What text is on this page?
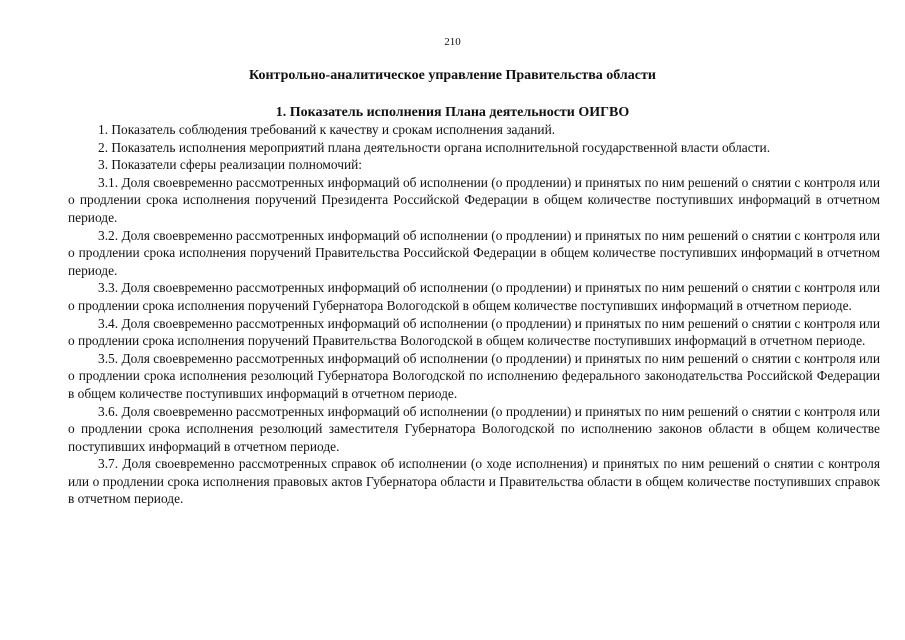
210
Контрольно-аналитическое управление Правительства области
1. Показатель исполнения Плана деятельности ОИГВО

1. Показатель соблюдения требований к качеству и срокам исполнения заданий.

2. Показатель исполнения мероприятий плана деятельности органа исполнительной государственной власти области.

3. Показатели сферы реализации полномочий:

3.1. Доля своевременно рассмотренных информаций об исполнении (о продлении) и принятых по ним решений о снятии с контроля или о продлении срока исполнения поручений Президента Российской Федерации в общем количестве поступивших информаций в отчетном периоде.

3.2. Доля своевременно рассмотренных информаций об исполнении (о продлении) и принятых по ним решений о снятии с контроля или о продлении срока исполнения поручений Правительства Российской Федерации в общем количестве поступивших информаций в отчетном периоде.

3.3. Доля своевременно рассмотренных информаций об исполнении (о продлении) и принятых по ним решений о снятии с контроля или о продлении срока исполнения поручений Губернатора Вологодской в общем количестве поступивших информаций в отчетном периоде.

3.4. Доля своевременно рассмотренных информаций об исполнении (о продлении) и принятых по ним решений о снятии с контроля или о продлении срока исполнения поручений Правительства Вологодской в общем количестве поступивших информаций в отчетном периоде.

3.5. Доля своевременно рассмотренных информаций об исполнении (о продлении) и принятых по ним решений о снятии с контроля или о продлении срока исполнения резолюций Губернатора Вологодской по исполнению федерального законодательства Российской Федерации в общем количестве поступивших информаций в отчетном периоде.

3.6. Доля своевременно рассмотренных информаций об исполнении (о продлении) и принятых по ним решений о снятии с контроля или о продлении срока исполнения резолюций заместителя Губернатора Вологодской по исполнению законов области в общем количестве поступивших информаций в отчетном периоде.

3.7. Доля своевременно рассмотренных справок об исполнении (о ходе исполнения) и принятых по ним решений о снятии с контроля или о продлении срока исполнения правовых актов Губернатора области и Правительства области в общем количестве поступивших справок в отчетном периоде.
